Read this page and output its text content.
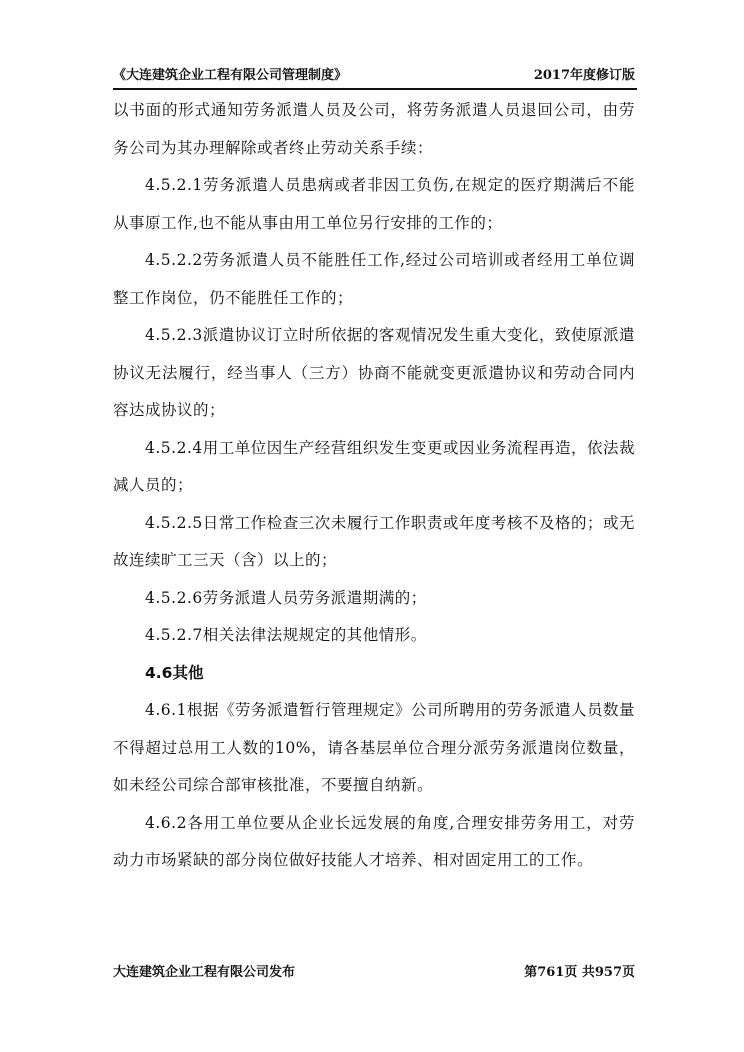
《大连建筑企业工程有限公司管理制度》	2017年度修订版

以书面的形式通知劳务派遣人员及公司，将劳务派遣人员退回公司，由劳务公司为其办理解除或者终止劳动关系手续：

4.5.2.1劳务派遣人员患病或者非因工负伤,在规定的医疗期满后不能从事原工作,也不能从事由用工单位另行安排的工作的；

4.5.2.2劳务派遣人员不能胜任工作,经过公司培训或者经用工单位调整工作岗位，仍不能胜任工作的；

4.5.2.3派遣协议订立时所依据的客观情况发生重大变化，致使原派遣协议无法履行，经当事人（三方）协商不能就变更派遣协议和劳动合同内容达成协议的；

4.5.2.4用工单位因生产经营组织发生变更或因业务流程再造，依法裁减人员的；

4.5.2.5日常工作检查三次未履行工作职责或年度考核不及格的；或无故连续旷工三天（含）以上的；

4.5.2.6劳务派遣人员劳务派遣期满的；

4.5.2.7相关法律法规规定的其他情形。

4.6其他

4.6.1根据《劳务派遣暂行管理规定》公司所聘用的劳务派遣人员数量不得超过总用工人数的10%，请各基层单位合理分派劳务派遣岗位数量，如未经公司综合部审核批准，不要擅自纳新。

4.6.2各用工单位要从企业长远发展的角度,合理安排劳务用工，对劳动力市场紧缺的部分岗位做好技能人才培养、相对固定用工的工作。

大连建筑企业工程有限公司发布	第761页 共957页
